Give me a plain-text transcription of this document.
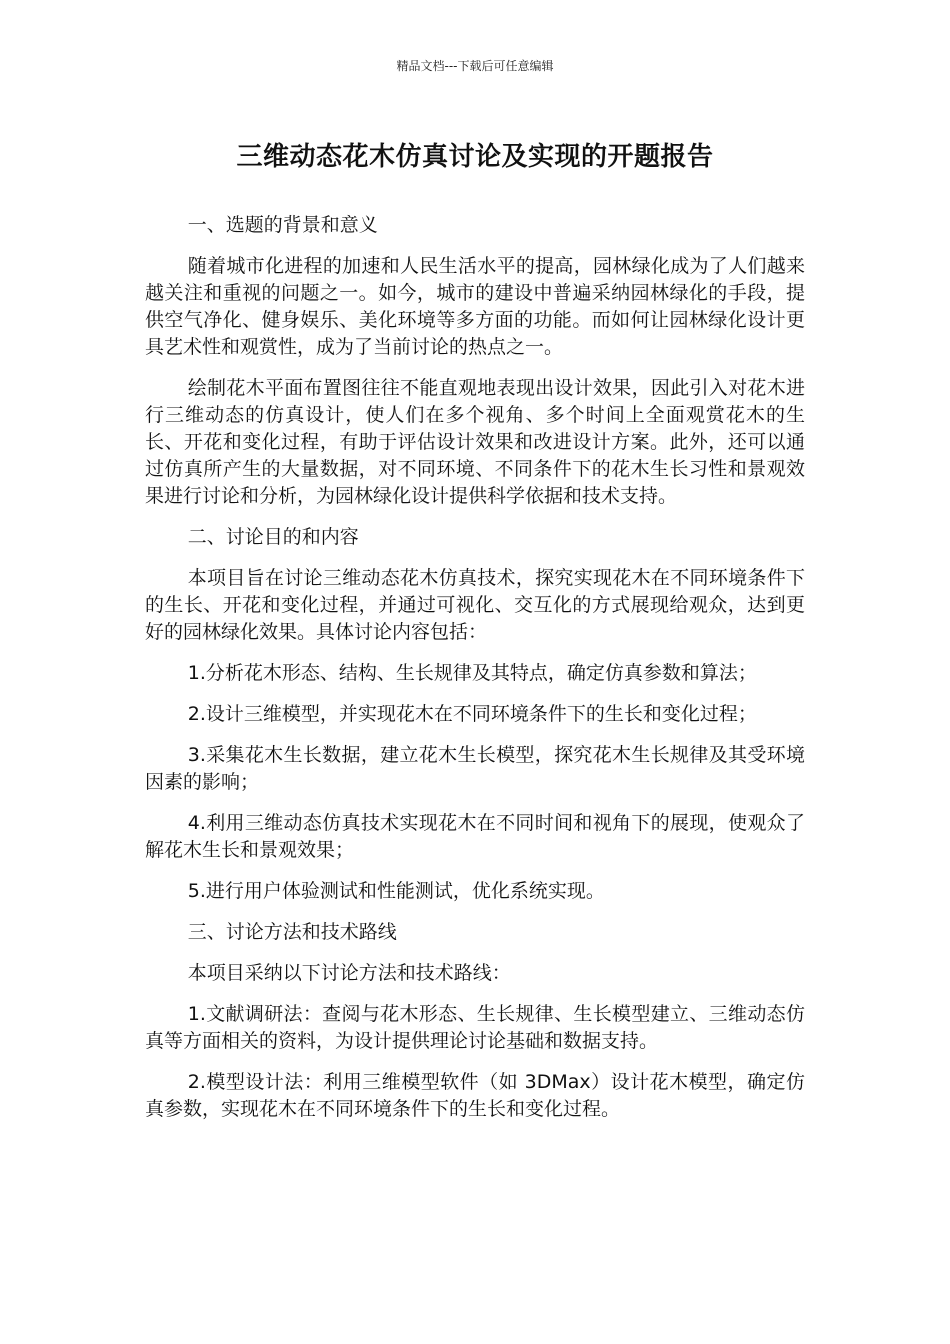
精品文档---下载后可任意编辑
三维动态花木仿真讨论及实现的开题报告

一、选题的背景和意义

随着城市化进程的加速和人民生活水平的提高，园林绿化成为了人们越来越关注和重视的问题之一。如今，城市的建设中普遍采纳园林绿化的手段，提供空气净化、健身娱乐、美化环境等多方面的功能。而如何让园林绿化设计更具艺术性和观赏性，成为了当前讨论的热点之一。

绘制花木平面布置图往往不能直观地表现出设计效果，因此引入对花木进行三维动态的仿真设计，使人们在多个视角、多个时间上全面观赏花木的生长、开花和变化过程，有助于评估设计效果和改进设计方案。此外，还可以通过仿真所产生的大量数据，对不同环境、不同条件下的花木生长习性和景观效果进行讨论和分析，为园林绿化设计提供科学依据和技术支持。

二、讨论目的和内容

本项目旨在讨论三维动态花木仿真技术，探究实现花木在不同环境条件下的生长、开花和变化过程，并通过可视化、交互化的方式展现给观众，达到更好的园林绿化效果。具体讨论内容包括：

1.分析花木形态、结构、生长规律及其特点，确定仿真参数和算法；

2.设计三维模型，并实现花木在不同环境条件下的生长和变化过程；

3.采集花木生长数据，建立花木生长模型，探究花木生长规律及其受环境因素的影响；

4.利用三维动态仿真技术实现花木在不同时间和视角下的展现，使观众了解花木生长和景观效果；

5.进行用户体验测试和性能测试，优化系统实现。

三、讨论方法和技术路线

本项目采纳以下讨论方法和技术路线：

1.文献调研法：查阅与花木形态、生长规律、生长模型建立、三维动态仿真等方面相关的资料，为设计提供理论讨论基础和数据支持。

2.模型设计法：利用三维模型软件（如 3DMax）设计花木模型，确定仿真参数，实现花木在不同环境条件下的生长和变化过程。
